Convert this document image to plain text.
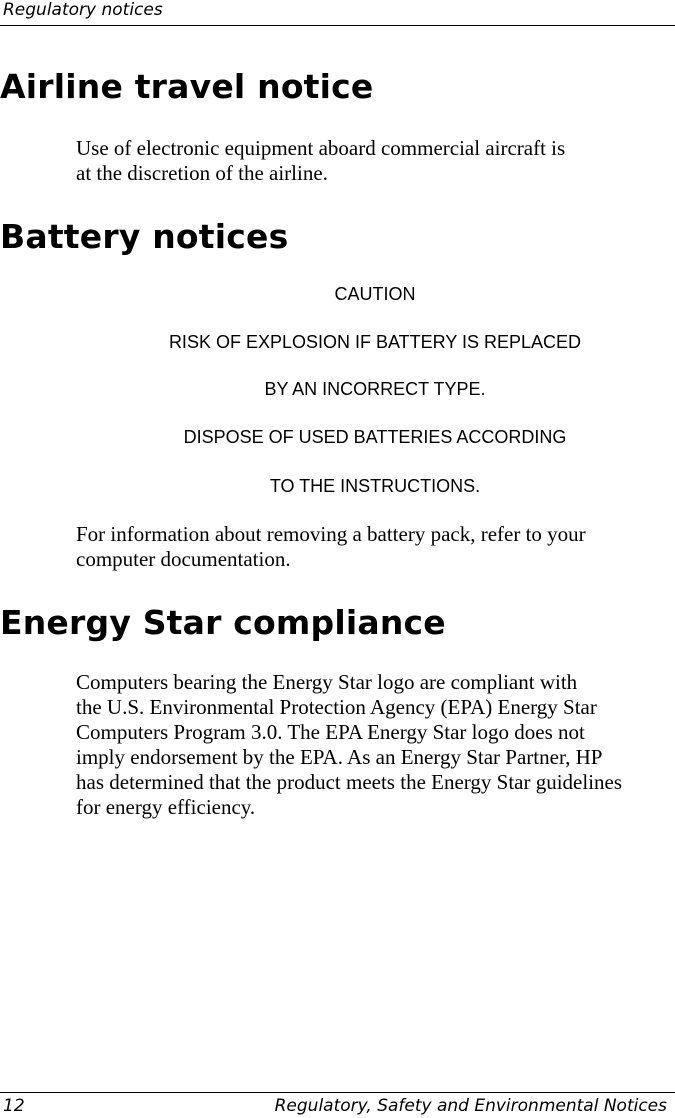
Regulatory notices
Airline travel notice

Use of electronic equipment aboard commercial aircraft is
at the discretion of the airline.

Battery notices
CAUTION
RISK OF EXPLOSION IF BATTERY IS REPLACED
BY AN INCORRECT TYPE.
DISPOSE OF USED BATTERIES ACCORDING
TO THE INSTRUCTIONS.

For information about removing a battery pack, refer to your
computer documentation.

Energy Star compliance

Computers bearing the Energy Star logo are compliant with
the U.S. Environmental Protection Agency (EPA) Energy Star
Computers Program 3.0. The EPA Energy Star logo does not
imply endorsement by the EPA. As an Energy Star Partner, HP
has determined that the product meets the Energy Star guidelines
for energy efficiency.

12	Regulatory, Safety and Environmental Notices
